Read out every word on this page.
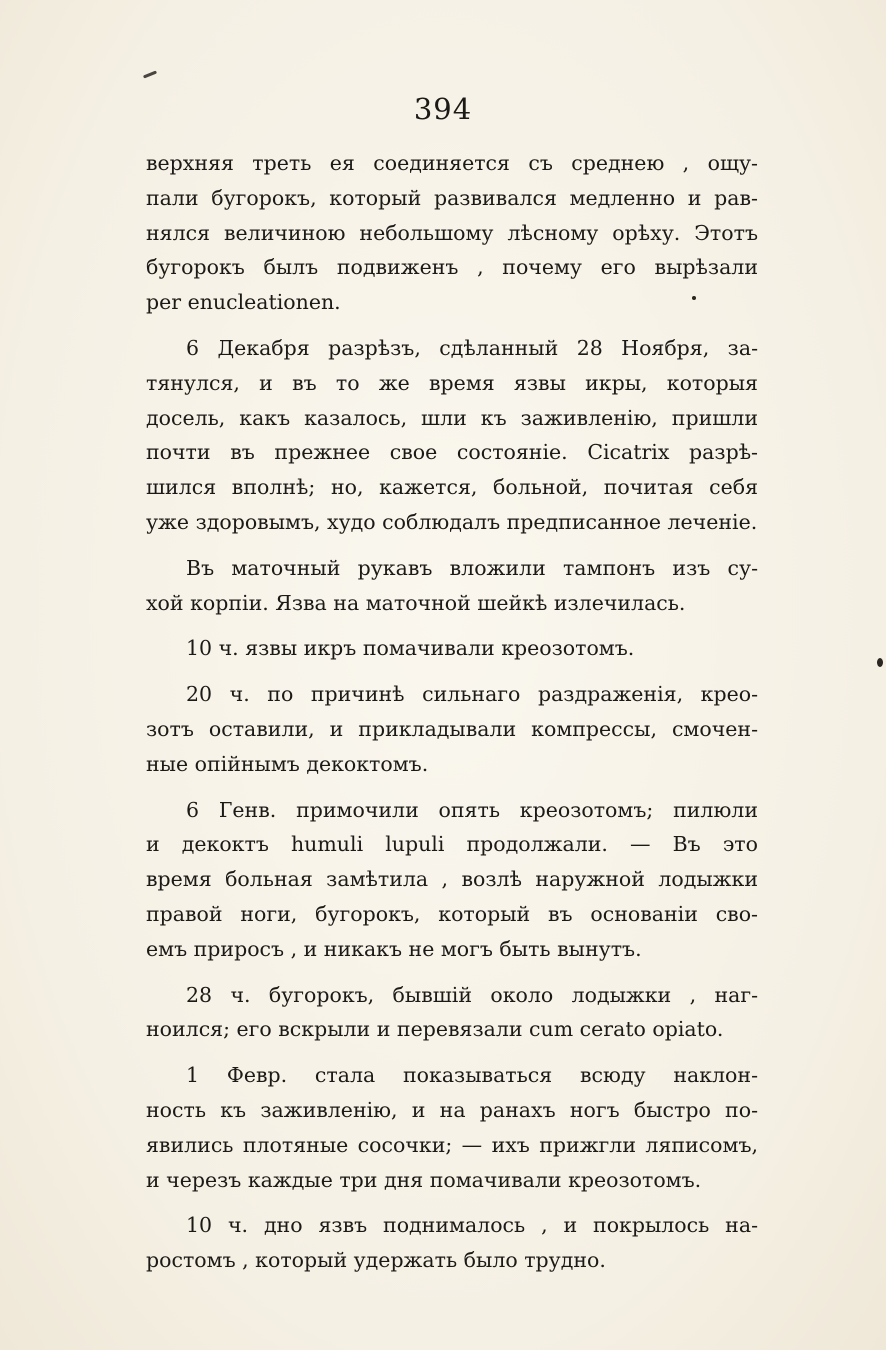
394
верхняя треть ея соединяется съ среднею , ощу-
пали бугорокъ, который развивался медленно и рав-
нялся величиною небольшому лѣсному орѣху. Этотъ
бугорокъ былъ подвиженъ , почему его вырѣзали
per enucleationen.
6 Декабря разрѣзъ, сдѣланный 28 Ноября, за-
тянулся, и въ то же время язвы икры, которыя
досель, какъ казалось, шли къ заживленію, пришли
почти въ прежнее свое состояніе. Cicatrix разрѣ-
шился вполнѣ; но, кажется, больной, почитая себя
уже здоровымъ, худо соблюдалъ предписанное леченіе.
Въ маточный рукавъ вложили тампонъ изъ су-
хой корпіи. Язва на маточной шейкѣ излечилась.
10 ч. язвы икръ помачивали креозотомъ.
20 ч. по причинѣ сильнаго раздраженія, крео-
зотъ оставили, и прикладывали компрессы, смочен-
ные опійнымъ декоктомъ.
6 Генв. примочили опять креозотомъ; пилюли
и декоктъ humuli lupuli продолжали. — Въ это
время больная замѣтила , возлѣ наружной лодыжки
правой ноги, бугорокъ, который въ основаніи сво-
емъ приросъ , и никакъ не могъ быть вынутъ.
28 ч. бугорокъ, бывшій около лодыжки , наг-
ноился; его вскрыли и перевязали cum cerato opiato.
1 Февр. стала показываться всюду наклон-
ность къ заживленію, и на ранахъ ногъ быстро по-
явились плотяные сосочки; — ихъ прижгли ляписомъ,
и черезъ каждые три дня помачивали креозотомъ.
10 ч. дно язвъ поднималось , и покрылось на-
ростомъ , который удержать было трудно.
